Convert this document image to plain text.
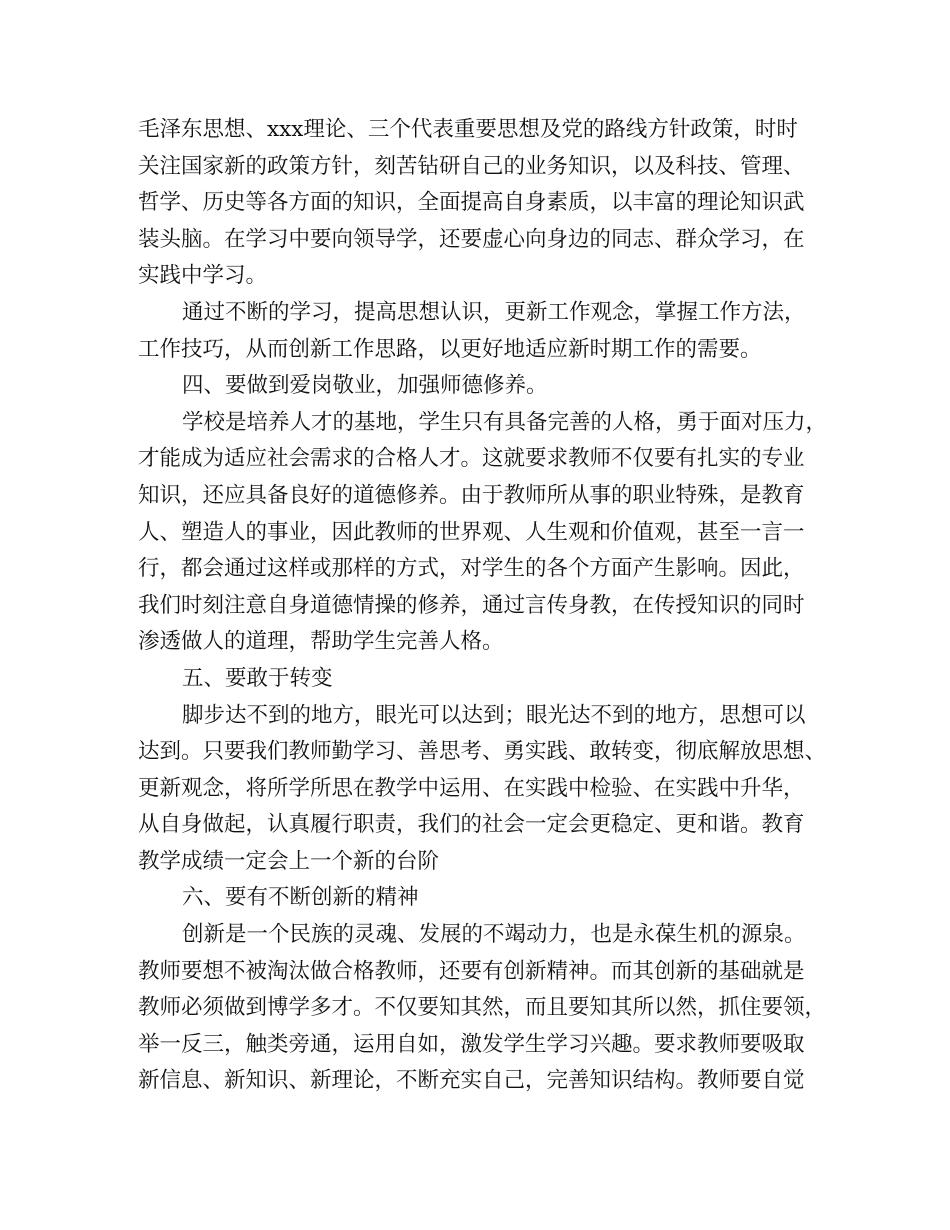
毛泽东思想、xxx理论、三个代表重要思想及党的路线方针政策，时时
关注国家新的政策方针，刻苦钻研自己的业务知识，以及科技、管理、
哲学、历史等各方面的知识，全面提高自身素质，以丰富的理论知识武
装头脑。在学习中要向领导学，还要虚心向身边的同志、群众学习，在
实践中学习。
通过不断的学习，提高思想认识，更新工作观念，掌握工作方法，
工作技巧，从而创新工作思路，以更好地适应新时期工作的需要。
四、要做到爱岗敬业，加强师德修养。
学校是培养人才的基地，学生只有具备完善的人格，勇于面对压力，
才能成为适应社会需求的合格人才。这就要求教师不仅要有扎实的专业
知识，还应具备良好的道德修养。由于教师所从事的职业特殊，是教育
人、塑造人的事业，因此教师的世界观、人生观和价值观，甚至一言一
行，都会通过这样或那样的方式，对学生的各个方面产生影响。因此，
我们时刻注意自身道德情操的修养，通过言传身教，在传授知识的同时
渗透做人的道理，帮助学生完善人格。
五、要敢于转变
脚步达不到的地方，眼光可以达到；眼光达不到的地方，思想可以
达到。只要我们教师勤学习、善思考、勇实践、敢转变，彻底解放思想、
更新观念，将所学所思在教学中运用、在实践中检验、在实践中升华，
从自身做起，认真履行职责，我们的社会一定会更稳定、更和谐。教育
教学成绩一定会上一个新的台阶
六、要有不断创新的精神
创新是一个民族的灵魂、发展的不竭动力，也是永葆生机的源泉。
教师要想不被淘汰做合格教师，还要有创新精神。而其创新的基础就是
教师必须做到博学多才。不仅要知其然，而且要知其所以然，抓住要领，
举一反三，触类旁通，运用自如，激发学生学习兴趣。要求教师要吸取
新信息、新知识、新理论，不断充实自己，完善知识结构。教师要自觉
